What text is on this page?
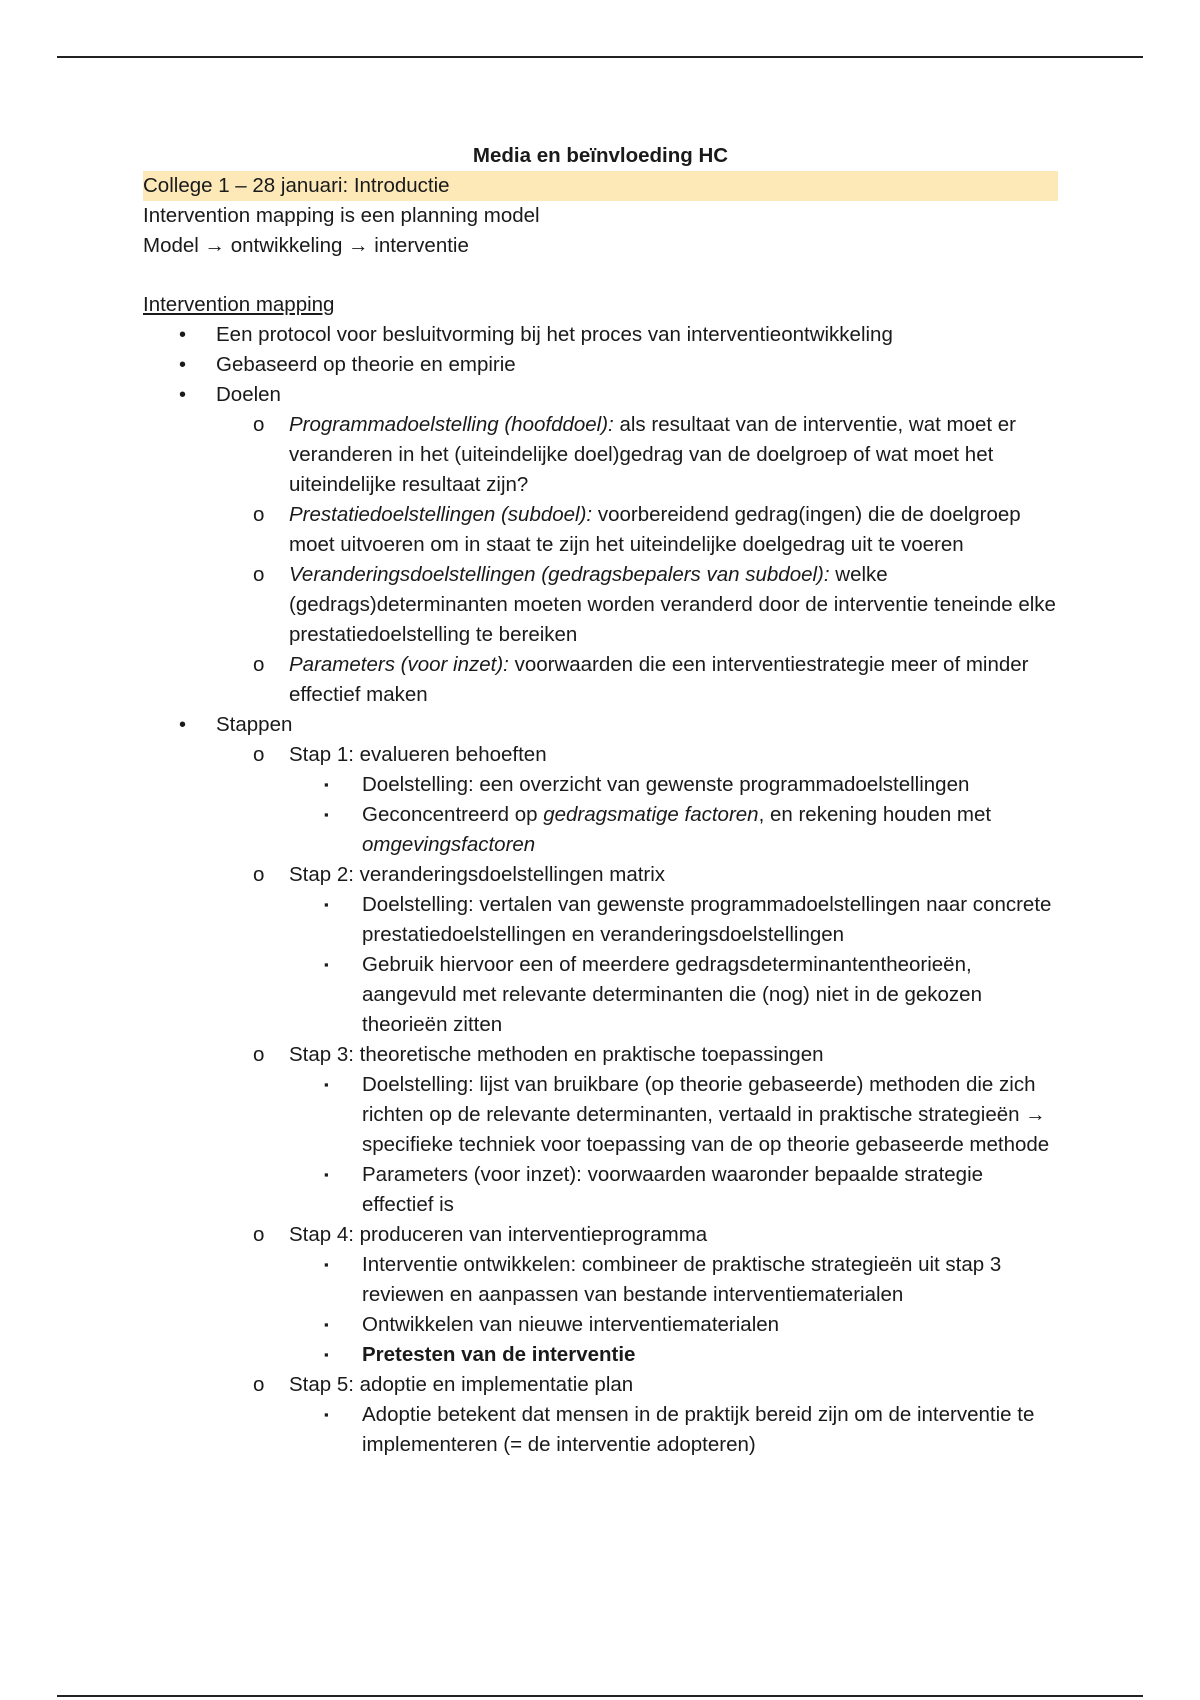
Media en beïnvloeding HC
College 1 – 28 januari: Introductie
Intervention mapping is een planning model
Model → ontwikkeling → interventie
Intervention mapping
• Een protocol voor besluitvorming bij het proces van interventieontwikkeling
• Gebaseerd op theorie en empirie
• Doelen
o Programmadoelstelling (hoofddoel): als resultaat van de interventie, wat moet er veranderen in het (uiteindelijke doel)gedrag van de doelgroep of wat moet het uiteindelijke resultaat zijn?
o Prestatiedoelstellingen (subdoel): voorbereidend gedrag(ingen) die de doelgroep moet uitvoeren om in staat te zijn het uiteindelijke doelgedrag uit te voeren
o Veranderingsdoelstellingen (gedragsbepalers van subdoel): welke (gedrags)determinanten moeten worden veranderd door de interventie teneinde elke prestatiedoelstelling te bereiken
o Parameters (voor inzet): voorwaarden die een interventiestrategie meer of minder effectief maken
• Stappen
o Stap 1: evalueren behoeften
▪ Doelstelling: een overzicht van gewenste programmadoelstellingen
▪ Geconcentreerd op gedragsmatige factoren, en rekening houden met omgevingsfactoren
o Stap 2: veranderingsdoelstellingen matrix
▪ Doelstelling: vertalen van gewenste programmadoelstellingen naar concrete prestatiedoelstellingen en veranderingsdoelstellingen
▪ Gebruik hiervoor een of meerdere gedragsdeterminantentheorieën, aangevuld met relevante determinanten die (nog) niet in de gekozen theorieën zitten
o Stap 3: theoretische methoden en praktische toepassingen
▪ Doelstelling: lijst van bruikbare (op theorie gebaseerde) methoden die zich richten op de relevante determinanten, vertaald in praktische strategieën → specifieke techniek voor toepassing van de op theorie gebaseerde methode
▪ Parameters (voor inzet): voorwaarden waaronder bepaalde strategie effectief is
o Stap 4: produceren van interventieprogramma
▪ Interventie ontwikkelen: combineer de praktische strategieën uit stap 3 reviewen en aanpassen van bestande interventiematerialen
▪ Ontwikkelen van nieuwe interventiematerialen
▪ Pretesten van de interventie
o Stap 5: adoptie en implementatie plan
▪ Adoptie betekent dat mensen in de praktijk bereid zijn om de interventie te implementeren (= de interventie adopteren)
